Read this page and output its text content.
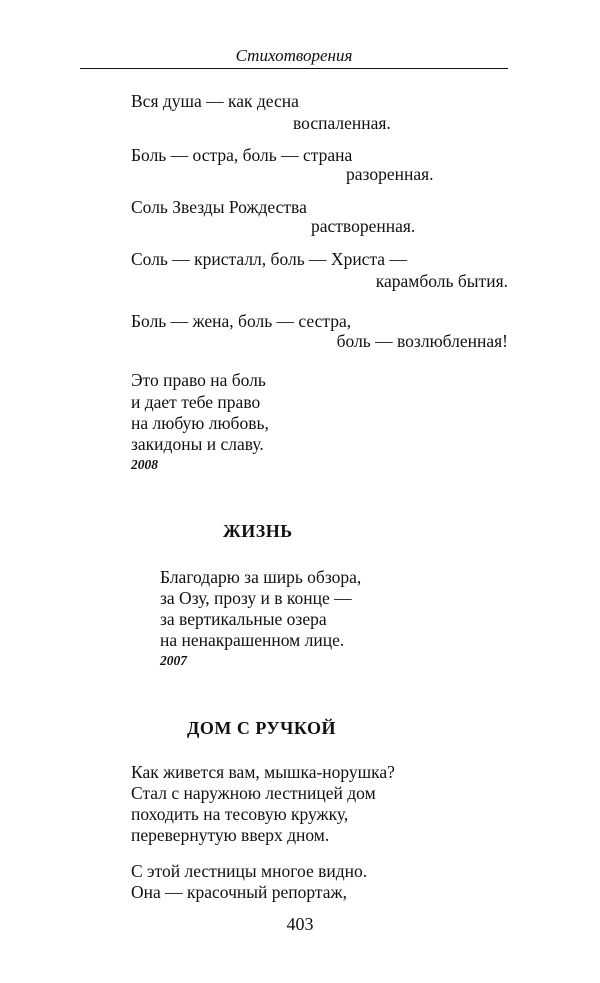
Стихотворения
Вся душа — как десна
воспаленная.
Боль — остра, боль — страна
разоренная.
Соль Звезды Рождества
растворенная.
Соль — кристалл, боль — Христа —
карамболь бытия.
Боль — жена, боль — сестра,
боль — возлюбленная!
Это право на боль
и дает тебе право
на любую любовь,
закидоны и славу.
2008
ЖИЗНЬ
Благодарю за ширь обзора,
за Озу, прозу и в конце —
за вертикальные озера
на ненакрашенном лице.
2007
ДОМ С РУЧКОЙ
Как живется вам, мышка-норушка?
Стал с наружною лестницей дом
походить на тесовую кружку,
перевернутую вверх дном.
С этой лестницы многое видно.
Она — красочный репортаж,
403
